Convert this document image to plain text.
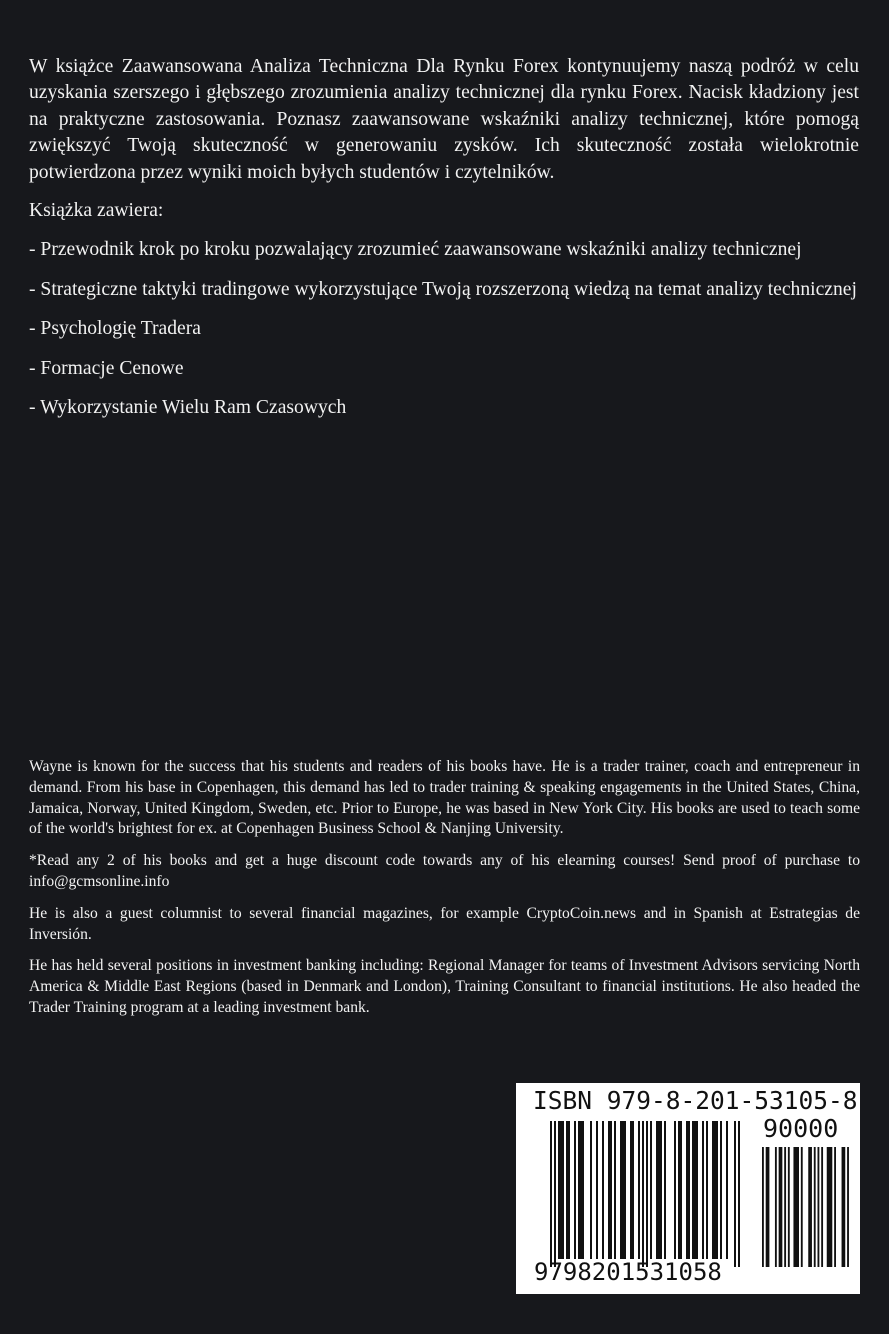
W książce Zaawansowana Analiza Techniczna Dla Rynku Forex kontynuujemy naszą podróż w celu uzyskania szerszego i głębszego zrozumienia analizy technicznej dla rynku Forex. Nacisk kładziony jest na praktyczne zastosowania. Poznasz zaawansowane wskaźniki analizy technicznej, które pomogą zwiększyć Twoją skuteczność w generowaniu zysków. Ich skuteczność została wielokrotnie potwierdzona przez wyniki moich byłych studentów i czytelników.

Książka zawiera:

- Przewodnik krok po kroku pozwalający zrozumieć zaawansowane wskaźniki analizy technicznej

- Strategiczne taktyki tradingowe wykorzystujące Twoją rozszerzoną wiedzą na temat analizy technicznej

- Psychologię Tradera

- Formacje Cenowe

- Wykorzystanie Wielu Ram Czasowych

Wayne is known for the success that his students and readers of his books have. He is a trader trainer, coach and entrepreneur in demand. From his base in Copenhagen, this demand has led to trader training & speaking engagements in the United States, China, Jamaica, Norway, United Kingdom, Sweden, etc. Prior to Europe, he was based in New York City. His books are used to teach some of the world's brightest for ex. at Copenhagen Business School & Nanjing University.

*Read any 2 of his books and get a huge discount code towards any of his elearning courses! Send proof of purchase to info@gcmsonline.info

He is also a guest columnist to several financial magazines, for example CryptoCoin.news and in Spanish at Estrategias de Inversión.

He has held several positions in investment banking including: Regional Manager for teams of Investment Advisors servicing North America & Middle East Regions (based in Denmark and London), Training Consultant to financial institutions. He also headed the Trader Training program at a leading investment bank.

ISBN 979-8-201-53105-8
90000
9798201531058
